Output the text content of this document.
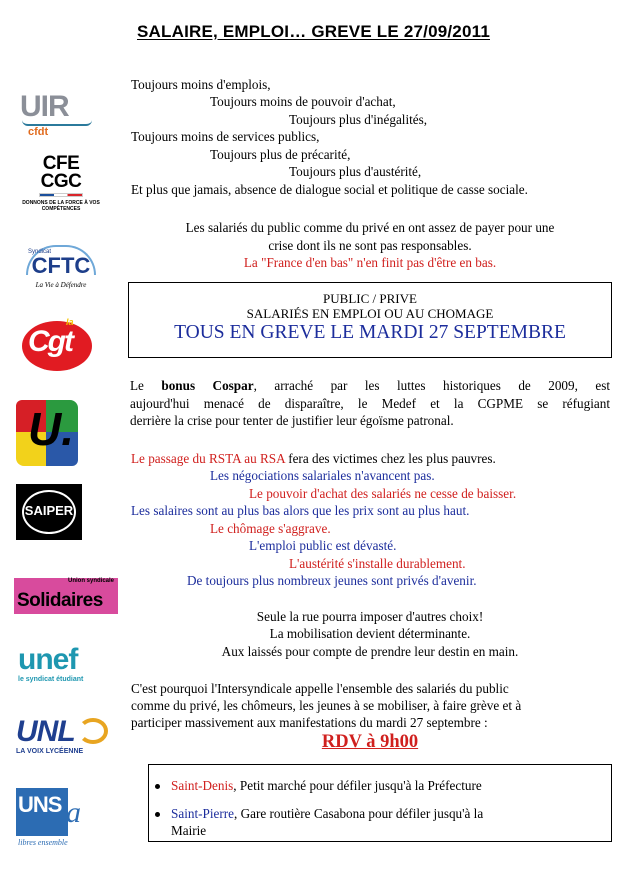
SALAIRE, EMPLOI… GREVE LE 27/09/2011
UIR
cfdt
CFE CGC
DONNONS DE LA FORCE À VOS COMPÉTENCES
Syndicat
CFTC
La Vie à Défendre
Cgt
la
U.
SAIPER
Union syndicale
Solidaires
unef
le syndicat étudiant
UNL
LA VOIX LYCÉENNE
UNS a
libres ensemble
Toujours moins d'emplois,
Toujours moins de pouvoir d'achat,
Toujours plus d'inégalités,
Toujours moins de services publics,
Toujours plus de précarité,
Toujours plus d'austérité,
Et plus que jamais, absence de dialogue social et politique de casse sociale.
Les salariés du public comme du privé en ont assez de payer pour une
crise dont ils ne sont pas responsables.
La "France d'en bas" n'en finit pas d'être en bas.
PUBLIC / PRIVE
SALARIÉS EN EMPLOI OU AU CHOMAGE
TOUS EN GREVE LE MARDI 27 SEPTEMBRE
Le bonus Cospar, arraché par les luttes historiques de 2009, est
aujourd'hui menacé de disparaître, le Medef et la CGPME se réfugiant
derrière la crise pour tenter de justifier leur égoïsme patronal.
Le passage du RSTA au RSA fera des victimes chez les plus pauvres.
Les négociations salariales n'avancent pas.
Le pouvoir d'achat des salariés ne cesse de baisser.
Les salaires sont au plus bas alors que les prix sont au plus haut.
Le chômage s'aggrave.
L'emploi public est dévasté.
L'austérité s'installe durablement.
De toujours plus nombreux jeunes sont privés d'avenir.
Seule la rue pourra imposer d'autres choix!
La mobilisation devient déterminante.
Aux laissés pour compte de prendre leur destin en main.
C'est pourquoi l'Intersyndicale appelle l'ensemble des salariés du public
comme du privé, les chômeurs, les jeunes à se mobiliser, à faire grève et à
participer massivement aux manifestations du mardi 27 septembre :
RDV à 9h00
Saint-Denis, Petit marché pour défiler jusqu'à la Préfecture
Saint-Pierre, Gare routière Casabona pour défiler jusqu'à la
Mairie
